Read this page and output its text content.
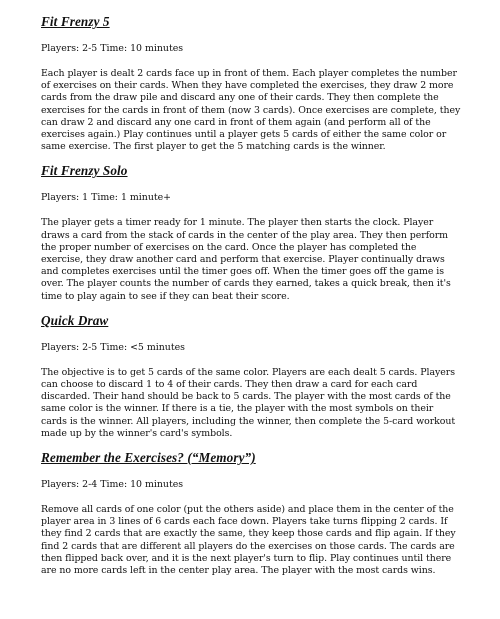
Fit Frenzy 5

Players: 2-5 Time: 10 minutes

Each player is dealt 2 cards face up in front of them. Each player completes the number of exercises on their cards. When they have completed the exercises, they draw 2 more cards from the draw pile and discard any one of their cards. They then complete the exercises for the cards in front of them (now 3 cards). Once exercises are complete, they can draw 2 and discard any one card in front of them again (and perform all of the exercises again.) Play continues until a player gets 5 cards of either the same color or same exercise. The first player to get the 5 matching cards is the winner.

Fit Frenzy Solo

Players: 1 Time: 1 minute+

The player gets a timer ready for 1 minute. The player then starts the clock. Player draws a card from the stack of cards in the center of the play area. They then perform the proper number of exercises on the card. Once the player has completed the exercise, they draw another card and perform that exercise. Player continually draws and completes exercises until the timer goes off. When the timer goes off the game is over. The player counts the number of cards they earned, takes a quick break, then it's time to play again to see if they can beat their score.

Quick Draw

Players: 2-5 Time: <5 minutes

The objective is to get 5 cards of the same color. Players are each dealt 5 cards. Players can choose to discard 1 to 4 of their cards. They then draw a card for each card discarded. Their hand should be back to 5 cards. The player with the most cards of the same color is the winner. If there is a tie, the player with the most symbols on their cards is the winner. All players, including the winner, then complete the 5-card workout made up by the winner's card's symbols.

Remember the Exercises? (“Memory”)

Players: 2-4 Time: 10 minutes

Remove all cards of one color (put the others aside) and place them in the center of the player area in 3 lines of 6 cards each face down. Players take turns flipping 2 cards. If they find 2 cards that are exactly the same, they keep those cards and flip again. If they find 2 cards that are different all players do the exercises on those cards. The cards are then flipped back over, and it is the next player's turn to flip. Play continues until there are no more cards left in the center play area. The player with the most cards wins.
